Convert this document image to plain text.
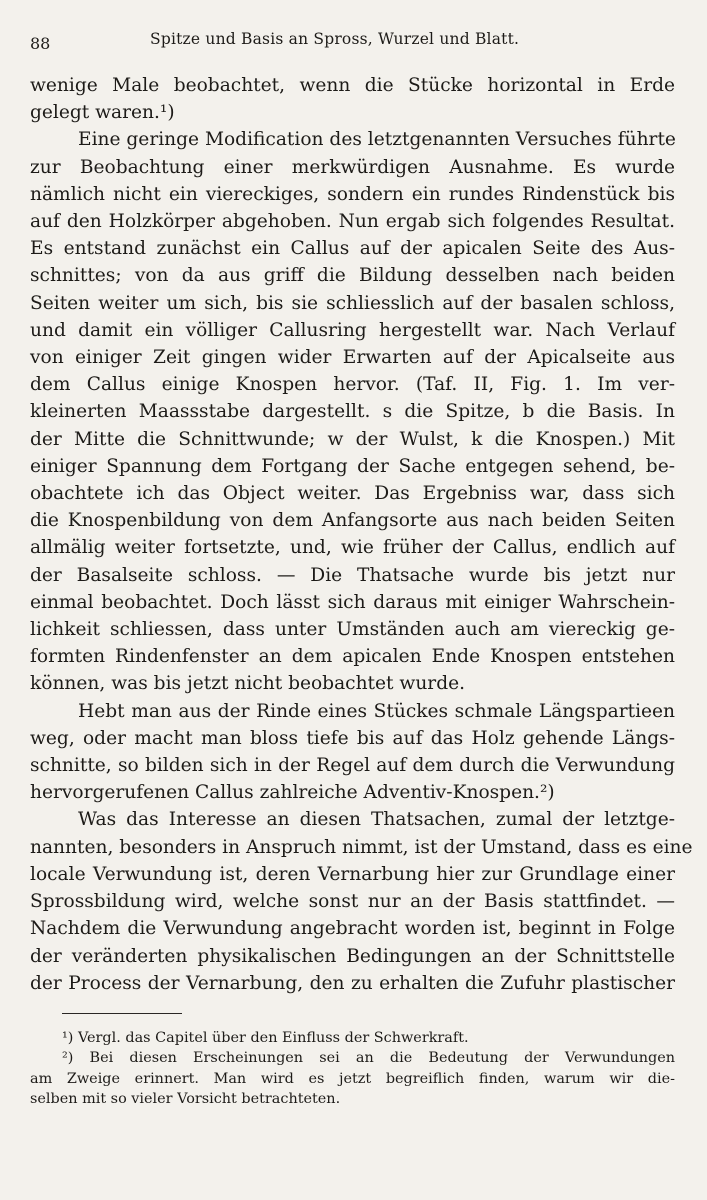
88	Spitze und Basis an Spross, Wurzel und Blatt.
wenige Male beobachtet, wenn die Stücke horizontal in Erde
gelegt waren.¹)
Eine geringe Modification des letztgenannten Versuches führte
zur Beobachtung einer merkwürdigen Ausnahme. Es wurde
nämlich nicht ein viereckiges, sondern ein rundes Rindenstück bis
auf den Holzkörper abgehoben. Nun ergab sich folgendes Resultat.
Es entstand zunächst ein Callus auf der apicalen Seite des Aus-
schnittes; von da aus griff die Bildung desselben nach beiden
Seiten weiter um sich, bis sie schliesslich auf der basalen schloss,
und damit ein völliger Callusring hergestellt war. Nach Verlauf
von einiger Zeit gingen wider Erwarten auf der Apicalseite aus
dem Callus einige Knospen hervor. (Taf. II, Fig. 1. Im ver-
kleinerten Maassstabe dargestellt. s die Spitze, b die Basis. In
der Mitte die Schnittwunde; w der Wulst, k die Knospen.) Mit
einiger Spannung dem Fortgang der Sache entgegen sehend, be-
obachtete ich das Object weiter. Das Ergebniss war, dass sich
die Knospenbildung von dem Anfangsorte aus nach beiden Seiten
allmälig weiter fortsetzte, und, wie früher der Callus, endlich auf
der Basalseite schloss. — Die Thatsache wurde bis jetzt nur
einmal beobachtet. Doch lässt sich daraus mit einiger Wahrschein-
lichkeit schliessen, dass unter Umständen auch am viereckig ge-
formten Rindenfenster an dem apicalen Ende Knospen entstehen
können, was bis jetzt nicht beobachtet wurde.
Hebt man aus der Rinde eines Stückes schmale Längspartieen
weg, oder macht man bloss tiefe bis auf das Holz gehende Längs-
schnitte, so bilden sich in der Regel auf dem durch die Verwundung
hervorgerufenen Callus zahlreiche Adventiv-Knospen.²)
Was das Interesse an diesen Thatsachen, zumal der letztge-
nannten, besonders in Anspruch nimmt, ist der Umstand, dass es eine
locale Verwundung ist, deren Vernarbung hier zur Grundlage einer
Sprossbildung wird, welche sonst nur an der Basis stattfindet. —
Nachdem die Verwundung angebracht worden ist, beginnt in Folge
der veränderten physikalischen Bedingungen an der Schnittstelle
der Process der Vernarbung, den zu erhalten die Zufuhr plastischer
¹) Vergl. das Capitel über den Einfluss der Schwerkraft.
²) Bei diesen Erscheinungen sei an die Bedeutung der Verwundungen
am Zweige erinnert. Man wird es jetzt begreiflich finden, warum wir die-
selben mit so vieler Vorsicht betrachteten.
